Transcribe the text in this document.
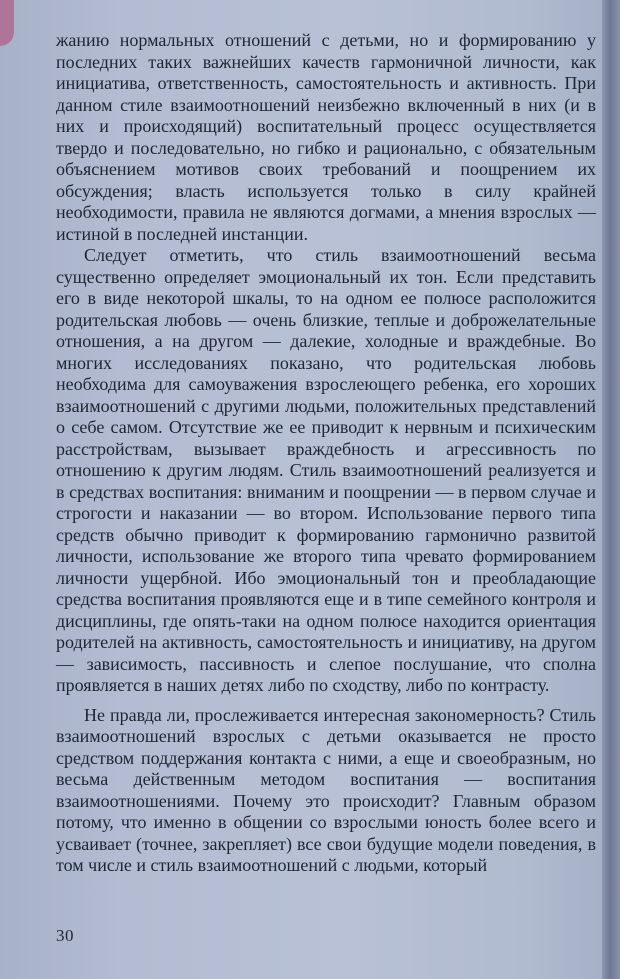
жанию нормальных отношений с детьми, но и формированию у последних таких важнейших качеств гармоничной личности, как инициатива, ответственность, самостоятельность и активность. При данном стиле взаимоотношений неизбежно включенный в них (и в них и происходящий) воспитательный процесс осуществляется твердо и последовательно, но гибко и рационально, с обязательным объяснением мотивов своих требований и поощрением их обсуждения; власть используется только в силу крайней необходимости, правила не являются догмами, а мнения взрослых — истиной в последней инстанции.

Следует отметить, что стиль взаимоотношений весьма существенно определяет эмоциональный их тон. Если представить его в виде некоторой шкалы, то на одном ее полюсе расположится родительская любовь — очень близкие, теплые и доброжелательные отношения, а на другом — далекие, холодные и враждебные. Во многих исследованиях показано, что родительская любовь необходима для самоуважения взрослеющего ребенка, его хороших взаимоотношений с другими людьми, положительных представлений о себе самом. Отсутствие же ее приводит к нервным и психическим расстройствам, вызывает враждебность и агрессивность по отношению к другим людям. Стиль взаимоотношений реализуется и в средствах воспитания: вниманим и поощрении — в первом случае и строгости и наказании — во втором. Использование первого типа средств обычно приводит к формированию гармонично развитой личности, использование же второго типа чревато формированием личности ущербной. Ибо эмоциональный тон и преобладающие средства воспитания проявляются еще и в типе семейного контроля и дисциплины, где опять-таки на одном полюсе находится ориентация родителей на активность, самостоятельность и инициативу, на другом — зависимость, пассивность и слепое послушание, что сполна проявляется в наших детях либо по сходству, либо по контрасту.

Не правда ли, прослеживается интересная закономерность? Стиль взаимоотношений взрослых с детьми оказывается не просто средством поддержания контакта с ними, а еще и своеобразным, но весьма действенным методом воспитания — воспитания взаимоотношениями. Почему это происходит? Главным образом потому, что именно в общении со взрослыми юность более всего и усваивает (точнее, закрепляет) все свои будущие модели поведения, в том числе и стиль взаимоотношений с людьми, который

30
